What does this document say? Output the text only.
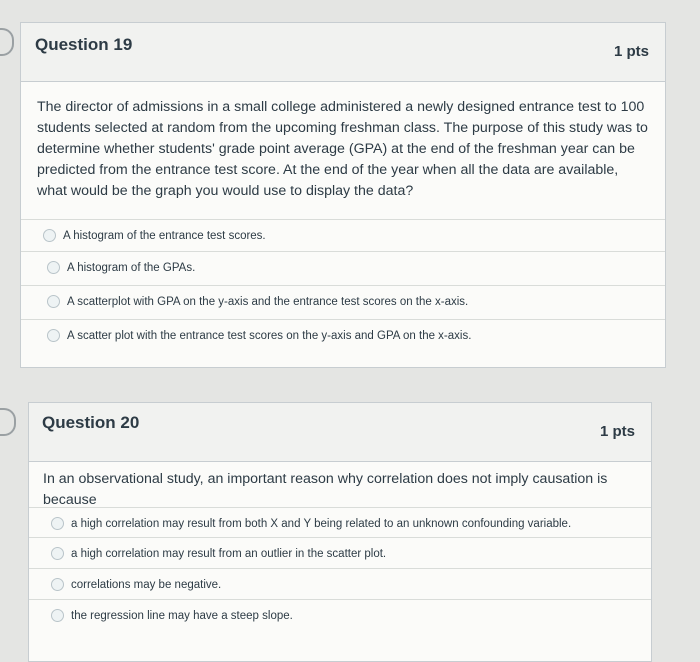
Question 19	1 pts
The director of admissions in a small college administered a newly designed entrance test to 100 students selected at random from the upcoming freshman class. The purpose of this study was to determine whether students' grade point average (GPA) at the end of the freshman year can be predicted from the entrance test score. At the end of the year when all the data are available, what would be the graph you would use to display the data?
A histogram of the entrance test scores.
A histogram of the GPAs.
A scatterplot with GPA on the y-axis and the entrance test scores on the x-axis.
A scatter plot with the entrance test scores on the y-axis and GPA on the x-axis.
Question 20	1 pts
In an observational study, an important reason why correlation does not imply causation is because
a high correlation may result from both X and Y being related to an unknown confounding variable.
a high correlation may result from an outlier in the scatter plot.
correlations may be negative.
the regression line may have a steep slope.
